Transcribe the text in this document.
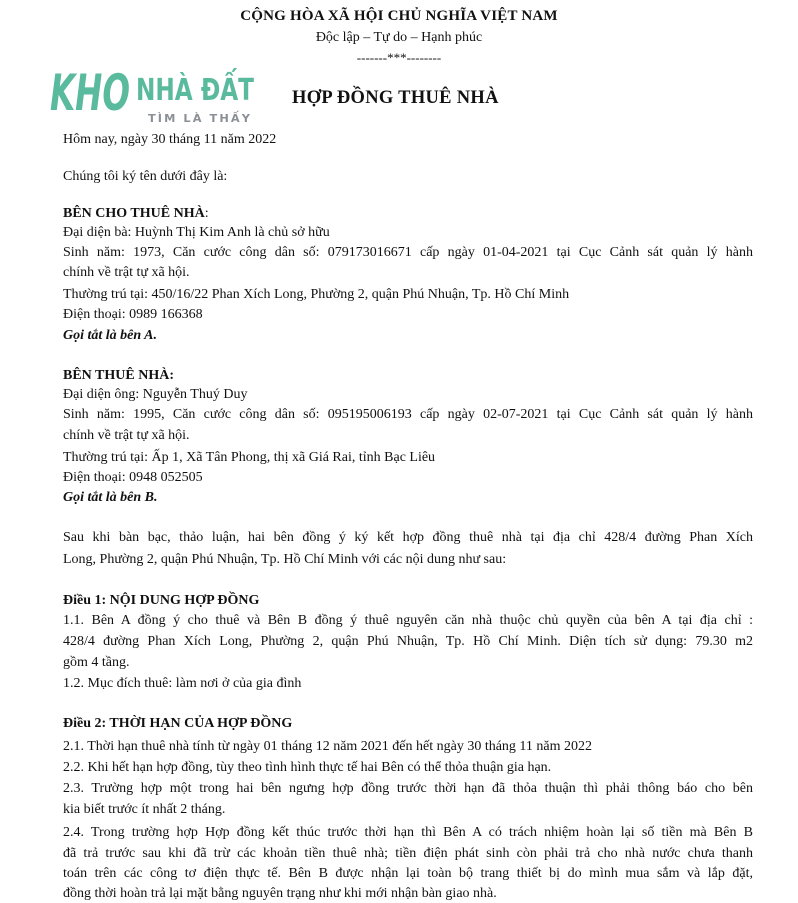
CỘNG HÒA XÃ HỘI CHỦ NGHĨA VIỆT NAM
Độc lập – Tự do – Hạnh phúc
-------***--------
KHO NHÀ ĐẤT
TÌM LÀ THẤY
HỢP ĐỒNG THUÊ NHÀ
Hôm nay, ngày 30 tháng 11 năm 2022
Chúng tôi ký tên dưới đây là:
BÊN CHO THUÊ NHÀ:
Đại diện bà: Huỳnh Thị Kim Anh là chủ sở hữu
Sinh năm: 1973, Căn cước công dân số: 079173016671 cấp ngày 01-04-2021 tại Cục Cảnh sát quản lý hành
chính về trật tự xã hội.
Thường trú tại: 450/16/22 Phan Xích Long, Phường 2, quận Phú Nhuận, Tp. Hồ Chí Minh
Điện thoại: 0989 166368
Gọi tắt là bên A.
BÊN THUÊ NHÀ:
Đại diện ông: Nguyễn Thuý Duy
Sinh năm: 1995, Căn cước công dân số: 095195006193 cấp ngày 02-07-2021 tại Cục Cảnh sát quản lý hành
chính về trật tự xã hội.
Thường trú tại: Ấp 1, Xã Tân Phong, thị xã Giá Rai, tỉnh Bạc Liêu
Điện thoại: 0948 052505
Gọi tắt là bên B.
Sau khi bàn bạc, thảo luận, hai bên đồng ý ký kết hợp đồng thuê nhà tại địa chỉ 428/4 đường Phan Xích
Long, Phường 2, quận Phú Nhuận, Tp. Hồ Chí Minh với các nội dung như sau:
Điều 1: NỘI DUNG HỢP ĐỒNG
1.1. Bên A đồng ý cho thuê và Bên B đồng ý thuê nguyên căn nhà thuộc chủ quyền của bên A tại địa chỉ :
428/4 đường Phan Xích Long, Phường 2, quận Phú Nhuận, Tp. Hồ Chí Minh. Diện tích sử dụng: 79.30 m2
gồm 4 tầng.
1.2. Mục đích thuê: làm nơi ở của gia đình
Điều 2: THỜI HẠN CỦA HỢP ĐỒNG
2.1. Thời hạn thuê nhà tính từ ngày 01 tháng 12 năm 2021 đến hết ngày 30 tháng 11 năm 2022
2.2. Khi hết hạn hợp đồng, tùy theo tình hình thực tế hai Bên có thể thỏa thuận gia hạn.
2.3. Trường hợp một trong hai bên ngưng hợp đồng trước thời hạn đã thỏa thuận thì phải thông báo cho bên
kia biết trước ít nhất 2 tháng.
2.4. Trong trường hợp Hợp đồng kết thúc trước thời hạn thì Bên A có trách nhiệm hoàn lại số tiền mà Bên B
đã trả trước sau khi đã trừ các khoản tiền thuê nhà; tiền điện phát sinh còn phải trả cho nhà nước chưa thanh
toán trên các công tơ điện thực tế. Bên B được nhận lại toàn bộ trang thiết bị do mình mua sắm và lắp đặt,
đồng thời hoàn trả lại mặt bằng nguyên trạng như khi mới nhận bàn giao nhà.
